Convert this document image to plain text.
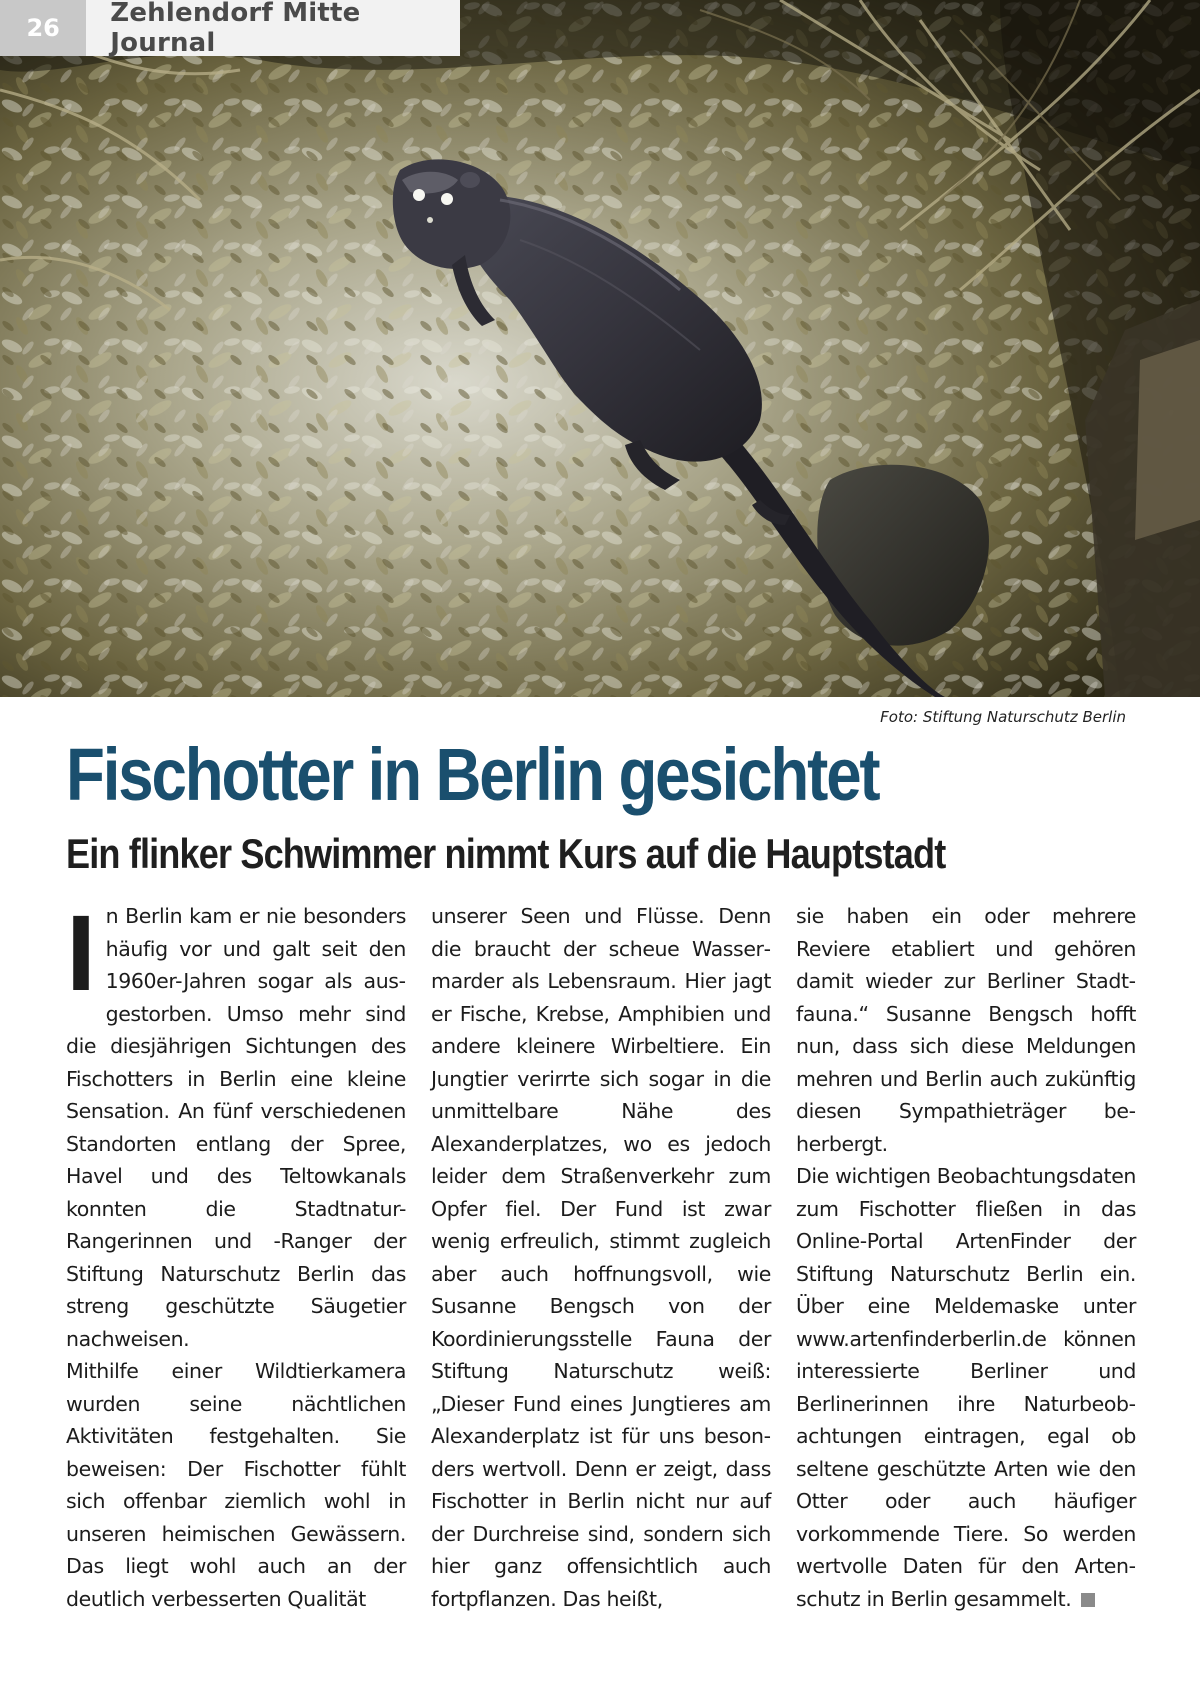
26	Zehlendorf Mitte Journal
Foto: Stiftung Naturschutz Berlin
Fischotter in Berlin gesichtet
Ein flinker Schwimmer nimmt Kurs auf die Hauptstadt

In Berlin kam er nie besonders häufig vor und galt seit den 1960er-Jahren sogar als ausgestorben. Umso mehr sind die diesjährigen Sichtungen des Fischotters in Berlin eine kleine Sensation. An fünf verschiedenen Standorten entlang der Spree, Havel und des Teltowkanals konnten die Stadtnatur-Rangerinnen und -Ranger der Stiftung Naturschutz Berlin das streng geschützte Säugetier nachweisen.

Mithilfe einer Wildtierkamera wurden seine nächtlichen Aktivitäten festgehalten. Sie beweisen: Der Fischotter fühlt sich offenbar ziemlich wohl in unseren heimischen Gewässern. Das liegt wohl auch an der deutlich verbesserten Qualität

unserer Seen und Flüsse. Denn die braucht der scheue Wassermarder als Lebensraum. Hier jagt er Fische, Krebse, Amphibien und andere kleinere Wirbeltiere. Ein Jungtier verirrte sich sogar in die unmittelbare Nähe des Alexanderplatzes, wo es jedoch leider dem Straßenverkehr zum Opfer fiel. Der Fund ist zwar wenig erfreulich, stimmt zugleich aber auch hoffnungsvoll, wie Susanne Bengsch von der Koordinierungsstelle Fauna der Stiftung Naturschutz weiß: „Dieser Fund eines Jungtieres am Alexanderplatz ist für uns besonders wertvoll. Denn er zeigt, dass Fischotter in Berlin nicht nur auf der Durchreise sind, sondern sich hier ganz offensichtlich auch fortpflanzen. Das heißt,

sie haben ein oder mehrere Reviere etabliert und gehören damit wieder zur Berliner Stadtfauna.“ Susanne Bengsch hofft nun, dass sich diese Meldungen mehren und Berlin auch zukünftig diesen Sympathieträger beherbergt.

Die wichtigen Beobachtungsdaten zum Fischotter fließen in das Online-Portal ArtenFinder der Stiftung Naturschutz Berlin ein. Über eine Meldemaske unter www.artenfinderberlin.de können interessierte Berliner und Berlinerinnen ihre Naturbeobachtungen eintragen, egal ob seltene geschützte Arten wie den Otter oder auch häufiger vorkommende Tiere. So werden wertvolle Daten für den Artenschutz in Berlin gesammelt.
